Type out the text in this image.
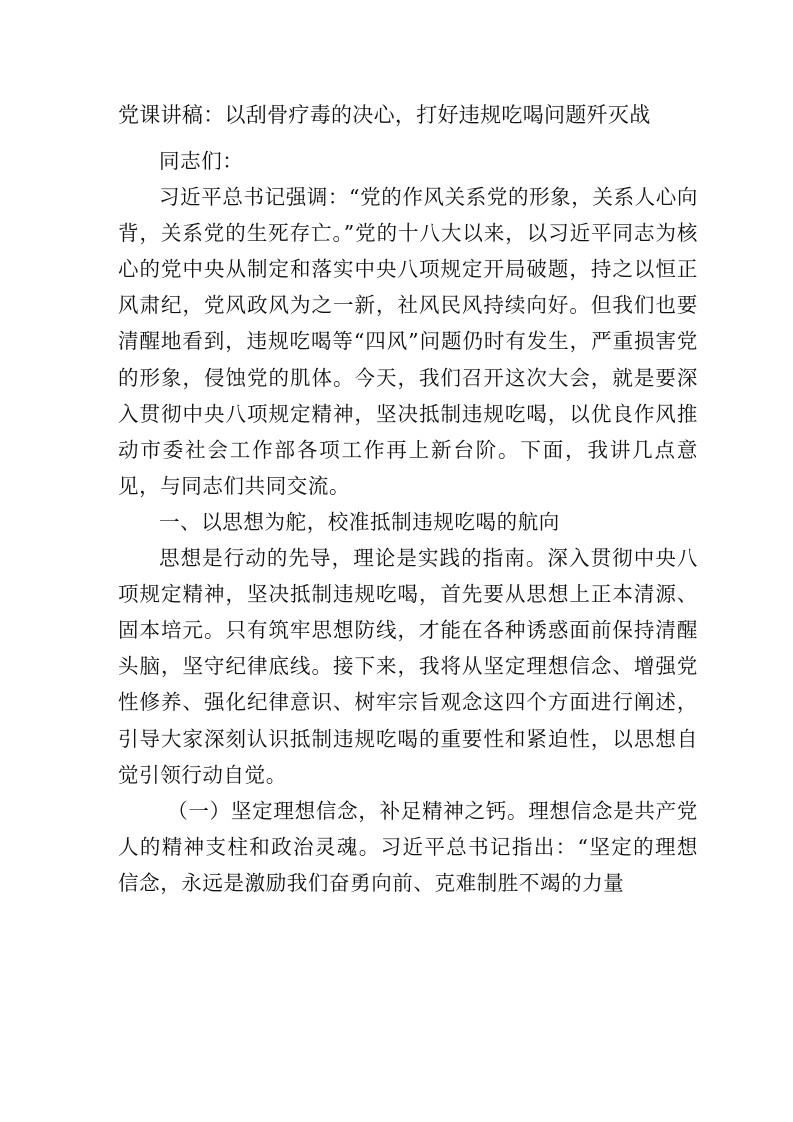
党课讲稿：以刮骨疗毒的决心，打好违规吃喝问题歼灭战

同志们：

习近平总书记强调：“党的作风关系党的形象，关系人心向背，关系党的生死存亡。”党的十八大以来，以习近平同志为核心的党中央从制定和落实中央八项规定开局破题，持之以恒正风肃纪，党风政风为之一新，社风民风持续向好。但我们也要清醒地看到，违规吃喝等“四风”问题仍时有发生，严重损害党的形象，侵蚀党的肌体。今天，我们召开这次大会，就是要深入贯彻中央八项规定精神，坚决抵制违规吃喝，以优良作风推动市委社会工作部各项工作再上新台阶。下面，我讲几点意见，与同志们共同交流。

一、以思想为舵，校准抵制违规吃喝的航向

思想是行动的先导，理论是实践的指南。深入贯彻中央八项规定精神，坚决抵制违规吃喝，首先要从思想上正本清源、固本培元。只有筑牢思想防线，才能在各种诱惑面前保持清醒头脑，坚守纪律底线。接下来，我将从坚定理想信念、增强党性修养、强化纪律意识、树牢宗旨观念这四个方面进行阐述，引导大家深刻认识抵制违规吃喝的重要性和紧迫性，以思想自觉引领行动自觉。

（一）坚定理想信念，补足精神之钙。理想信念是共产党人的精神支柱和政治灵魂。习近平总书记指出：“坚定的理想信念，永远是激励我们奋勇向前、克难制胜不竭的力量
